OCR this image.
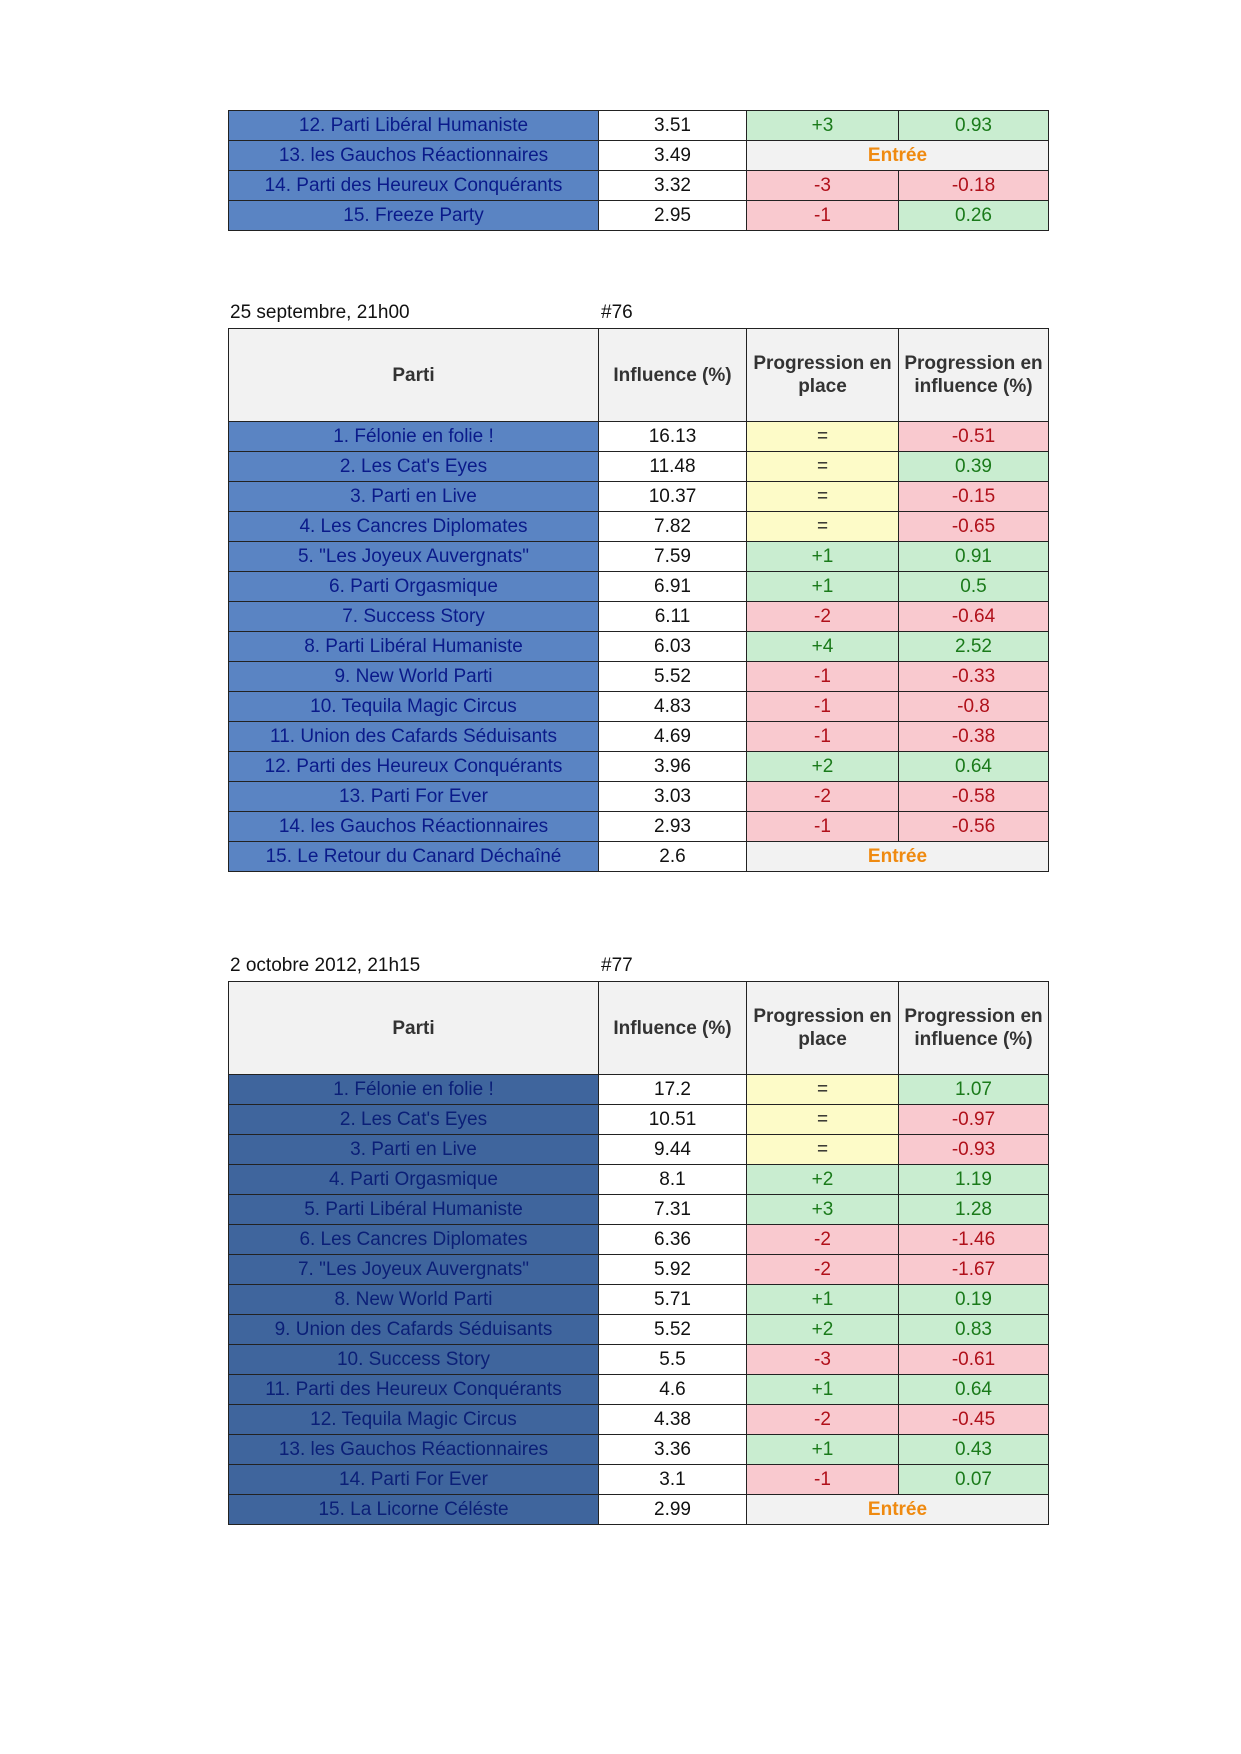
12. Parti Libéral Humaniste	3.51	+3	0.93
13. les Gauchos Réactionnaires	3.49	Entrée	
14. Parti des Heureux Conquérants	3.32	-3	-0.18
15. Freeze Party	2.95	-1	0.26
25 septembre, 21h00	#76
Parti	Influence (%)	Progression en place	Progression en influence (%)
1. Félonie en folie !	16.13	=	-0.51
2. Les Cat's Eyes	11.48	=	0.39
3. Parti en Live	10.37	=	-0.15
4. Les Cancres Diplomates	7.82	=	-0.65
5. "Les Joyeux Auvergnats"	7.59	+1	0.91
6. Parti Orgasmique	6.91	+1	0.5
7. Success Story	6.11	-2	-0.64
8. Parti Libéral Humaniste	6.03	+4	2.52
9. New World Parti	5.52	-1	-0.33
10. Tequila Magic Circus	4.83	-1	-0.8
11. Union des Cafards Séduisants	4.69	-1	-0.38
12. Parti des Heureux Conquérants	3.96	+2	0.64
13. Parti For Ever	3.03	-2	-0.58
14. les Gauchos Réactionnaires	2.93	-1	-0.56
15. Le Retour du Canard Déchaîné	2.6	Entrée	
2 octobre 2012, 21h15	#77
Parti	Influence (%)	Progression en place	Progression en influence (%)
1. Félonie en folie !	17.2	=	1.07
2. Les Cat's Eyes	10.51	=	-0.97
3. Parti en Live	9.44	=	-0.93
4. Parti Orgasmique	8.1	+2	1.19
5. Parti Libéral Humaniste	7.31	+3	1.28
6. Les Cancres Diplomates	6.36	-2	-1.46
7. "Les Joyeux Auvergnats"	5.92	-2	-1.67
8. New World Parti	5.71	+1	0.19
9. Union des Cafards Séduisants	5.52	+2	0.83
10. Success Story	5.5	-3	-0.61
11. Parti des Heureux Conquérants	4.6	+1	0.64
12. Tequila Magic Circus	4.38	-2	-0.45
13. les Gauchos Réactionnaires	3.36	+1	0.43
14. Parti For Ever	3.1	-1	0.07
15. La Licorne Céléste	2.99	Entrée	
